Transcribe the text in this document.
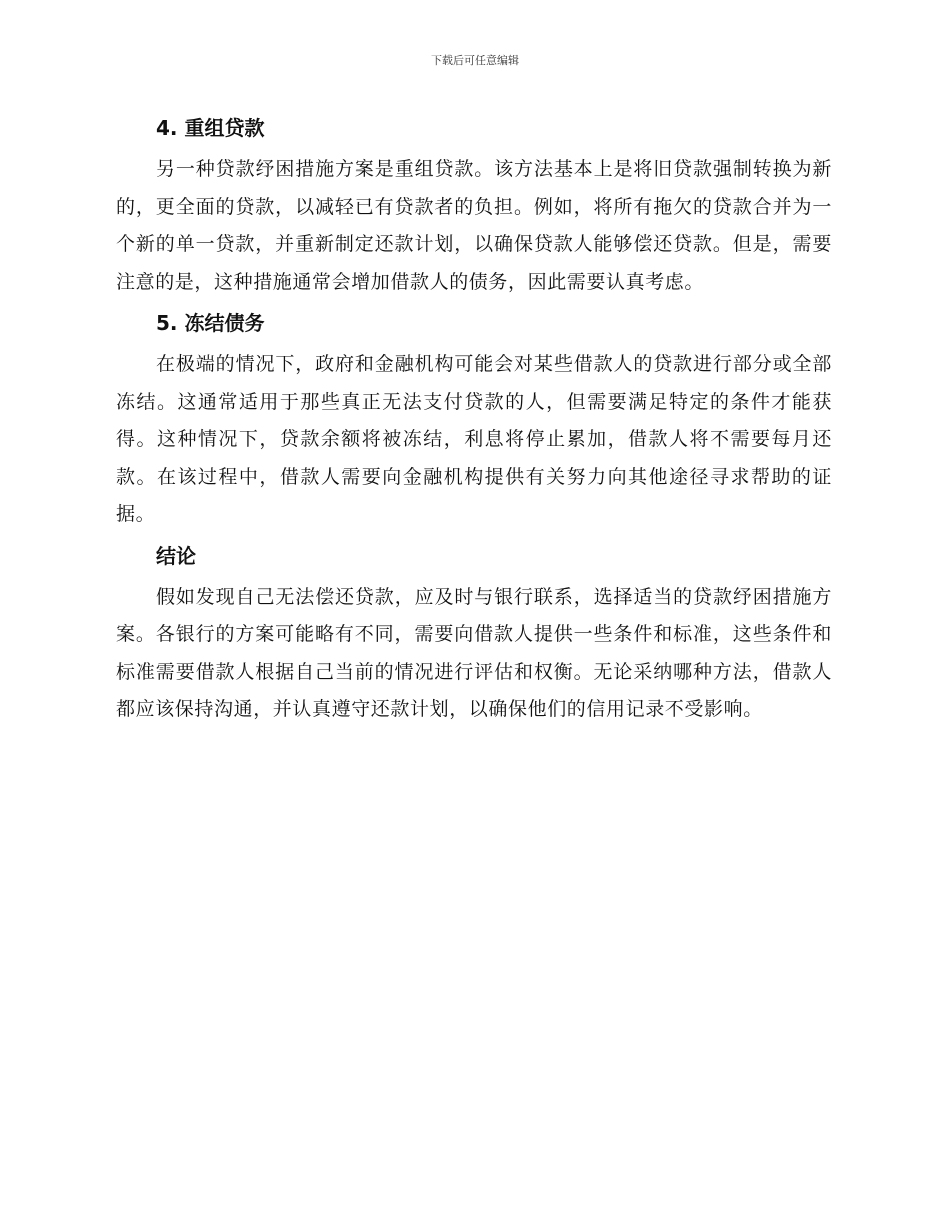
下载后可任意编辑
4. 重组贷款

另一种贷款纾困措施方案是重组贷款。该方法基本上是将旧贷款强制转换为新的，更全面的贷款，以减轻已有贷款者的负担。例如，将所有拖欠的贷款合并为一个新的单一贷款，并重新制定还款计划，以确保贷款人能够偿还贷款。但是，需要注意的是，这种措施通常会增加借款人的债务，因此需要认真考虑。

5. 冻结债务

在极端的情况下，政府和金融机构可能会对某些借款人的贷款进行部分或全部冻结。这通常适用于那些真正无法支付贷款的人，但需要满足特定的条件才能获得。这种情况下，贷款余额将被冻结，利息将停止累加，借款人将不需要每月还款。在该过程中，借款人需要向金融机构提供有关努力向其他途径寻求帮助的证据。

结论

假如发现自己无法偿还贷款，应及时与银行联系，选择适当的贷款纾困措施方案。各银行的方案可能略有不同，需要向借款人提供一些条件和标准，这些条件和标准需要借款人根据自己当前的情况进行评估和权衡。无论采纳哪种方法，借款人都应该保持沟通，并认真遵守还款计划，以确保他们的信用记录不受影响。
